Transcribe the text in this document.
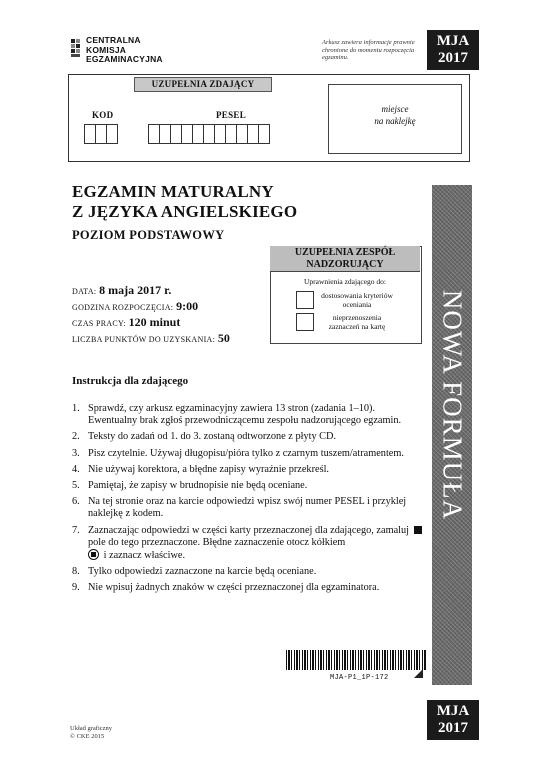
CENTRALNA
KOMISJA
EGZAMINACYJNA
Arkusz zawiera informacje prawnie chronione do momentu rozpoczęcia egzaminu.
MJA
2017
UZUPEŁNIA ZDAJĄCY
KOD	PESEL
miejsce
na naklejkę
EGZAMIN MATURALNY
Z JĘZYKA ANGIELSKIEGO
POZIOM PODSTAWOWY
DATA: 8 maja 2017 r.
GODZINA ROZPOCZĘCIA: 9:00
CZAS PRACY: 120 minut
LICZBA PUNKTÓW DO UZYSKANIA: 50
UZUPEŁNIA ZESPÓŁ
NADZORUJĄCY
Uprawnienia zdającego do:
dostosowania kryteriów oceniania
nieprzenoszenia zaznaczeń na kartę	NOWA FORMUŁA
Instrukcja dla zdającego
1. Sprawdź, czy arkusz egzaminacyjny zawiera 13 stron (zadania 1–10). Ewentualny brak zgłoś przewodniczącemu zespołu nadzorującego egzamin.
2. Teksty do zadań od 1. do 3. zostaną odtworzone z płyty CD.
3. Pisz czytelnie. Używaj długopisu/pióra tylko z czarnym tuszem/atramentem.
4. Nie używaj korektora, a błędne zapisy wyraźnie przekreśl.
5. Pamiętaj, że zapisy w brudnopisie nie będą oceniane.
6. Na tej stronie oraz na karcie odpowiedzi wpisz swój numer PESEL i przyklej naklejkę z kodem.
7. Zaznaczając odpowiedzi w części karty przeznaczonej dla zdającego, zamaluj  pole do tego przeznaczone. Błędne zaznaczenie otocz kółkiem
i zaznacz właściwe.
8. Tylko odpowiedzi zaznaczone na karcie będą oceniane.
9. Nie wpisuj żadnych znaków w części przeznaczonej dla egzaminatora.
MJA-P1_1P-172
Układ graficzny
© CKE 2015
MJA
2017
